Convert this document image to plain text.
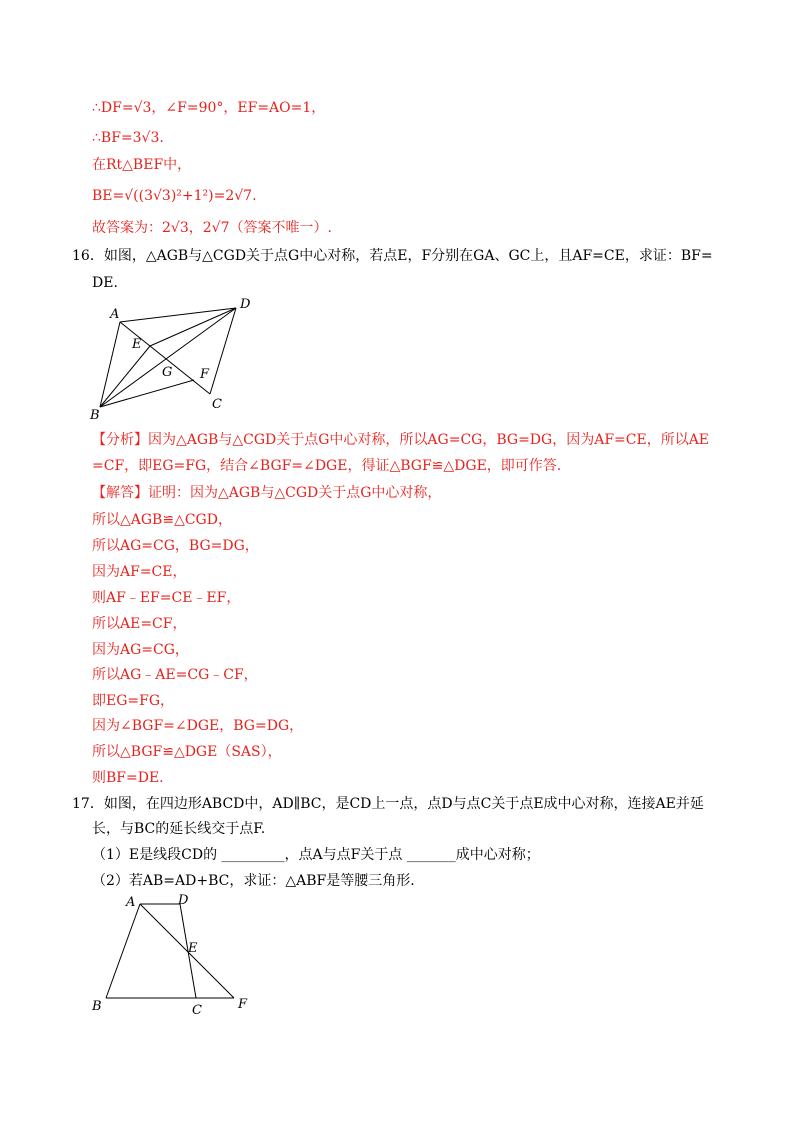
∴DF=√3，∠F=90°，EF=AO=1，
∴BF=3√3.
在Rt△BEF中，
BE=√((3√3)²+1²)=2√7.
故答案为：2√3，2√7（答案不唯一）.
16．如图，△AGB与△CGD关于点G中心对称，若点E，F分别在GA、GC上，且AF=CE，求证：BF=
DE.
A
B
C
D
E
F
G
【分析】因为△AGB与△CGD关于点G中心对称，所以AG=CG，BG=DG，因为AF=CE，所以AE
=CF，即EG=FG，结合∠BGF=∠DGE，得证△BGF≌△DGE，即可作答.
【解答】证明：因为△AGB与△CGD关于点G中心对称，
所以△AGB≌△CGD，
所以AG=CG，BG=DG，
因为AF=CE，
则AF﹣EF=CE﹣EF，
所以AE=CF，
因为AG=CG，
所以AG﹣AE=CG﹣CF，
即EG=FG，
因为∠BGF=∠DGE，BG=DG，
所以△BGF≌△DGE（SAS），
则BF=DE.
17．如图，在四边形ABCD中，AD∥BC，是CD上一点，点D与点C关于点E成中心对称，连接AE并延
长，与BC的延长线交于点F.
（1）E是线段CD的 _________，点A与点F关于点 _______成中心对称；
（2）若AB=AD+BC，求证：△ABF是等腰三角形.
A
B	C
D
E
F
